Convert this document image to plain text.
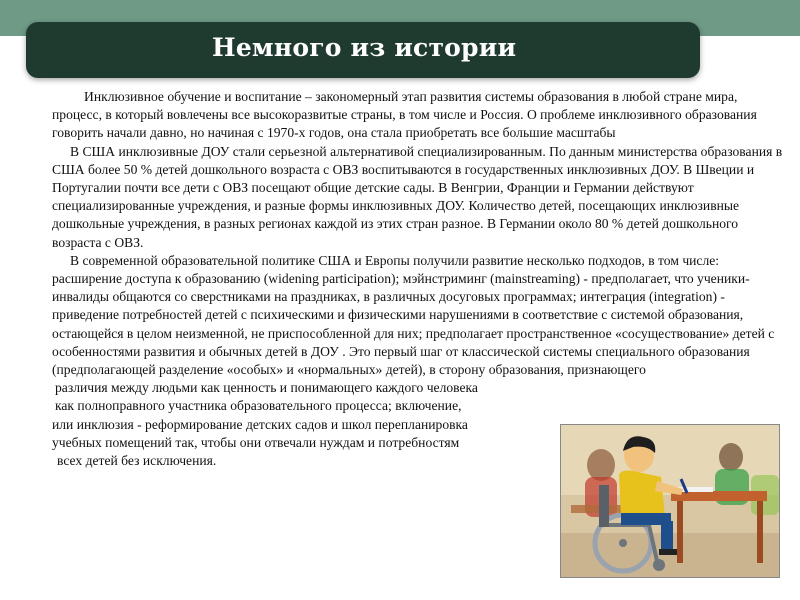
Немного из истории

Инклюзивное обучение и воспитание – закономерный этап развития системы образования в любой стране мира, процесс, в который вовлечены все высокоразвитые страны, в том числе и Россия. О проблеме инклюзивного образования говорить начали давно, но начиная с 1970-х годов, она стала приобретать все большие масштабы

В США инклюзивные ДОУ стали серьезной альтернативой специализированным. По данным министерства образования в США более 50 % детей дошкольного возраста с ОВЗ воспитываются в государственных инклюзивных ДОУ. В Швеции и Португалии почти все дети с ОВЗ посещают общие детские сады. В Венгрии, Франции и Германии действуют специализированные учреждения, и разные формы инклюзивных ДОУ. Количество детей, посещающих инклюзивные дошкольные учреждения, в разных регионах каждой из этих стран разное. В Германии около 80 % детей дошкольного возраста с ОВЗ.

В современной образовательной политике США и Европы получили развитие несколько подходов, в том числе: расширение доступа к образованию (widening participation); мэйнстриминг (mainstreaming) - предполагает, что ученики-инвалиды общаются со сверстниками на праздниках, в различных досуговых программах; интеграция (integration) - приведение потребностей детей с психическими и физическими нарушениями в соответствие с системой образования, остающейся в целом неизменной, не приспособленной для них; предполагает пространственное «сосуществование» детей с особенностями развития и обычных детей в ДОУ . Это первый шаг от классической системы специального образования (предполагающей разделение «особых» и «нормальных» детей), в сторону образования, признающего

различия между людьми как ценность и понимающего каждого человека

как полноправного участника образовательного процесса; включение,

или инклюзия - реформирование детских садов и школ перепланировка

учебных помещений так, чтобы они отвечали нуждам и потребностям

всех детей без исключения.
